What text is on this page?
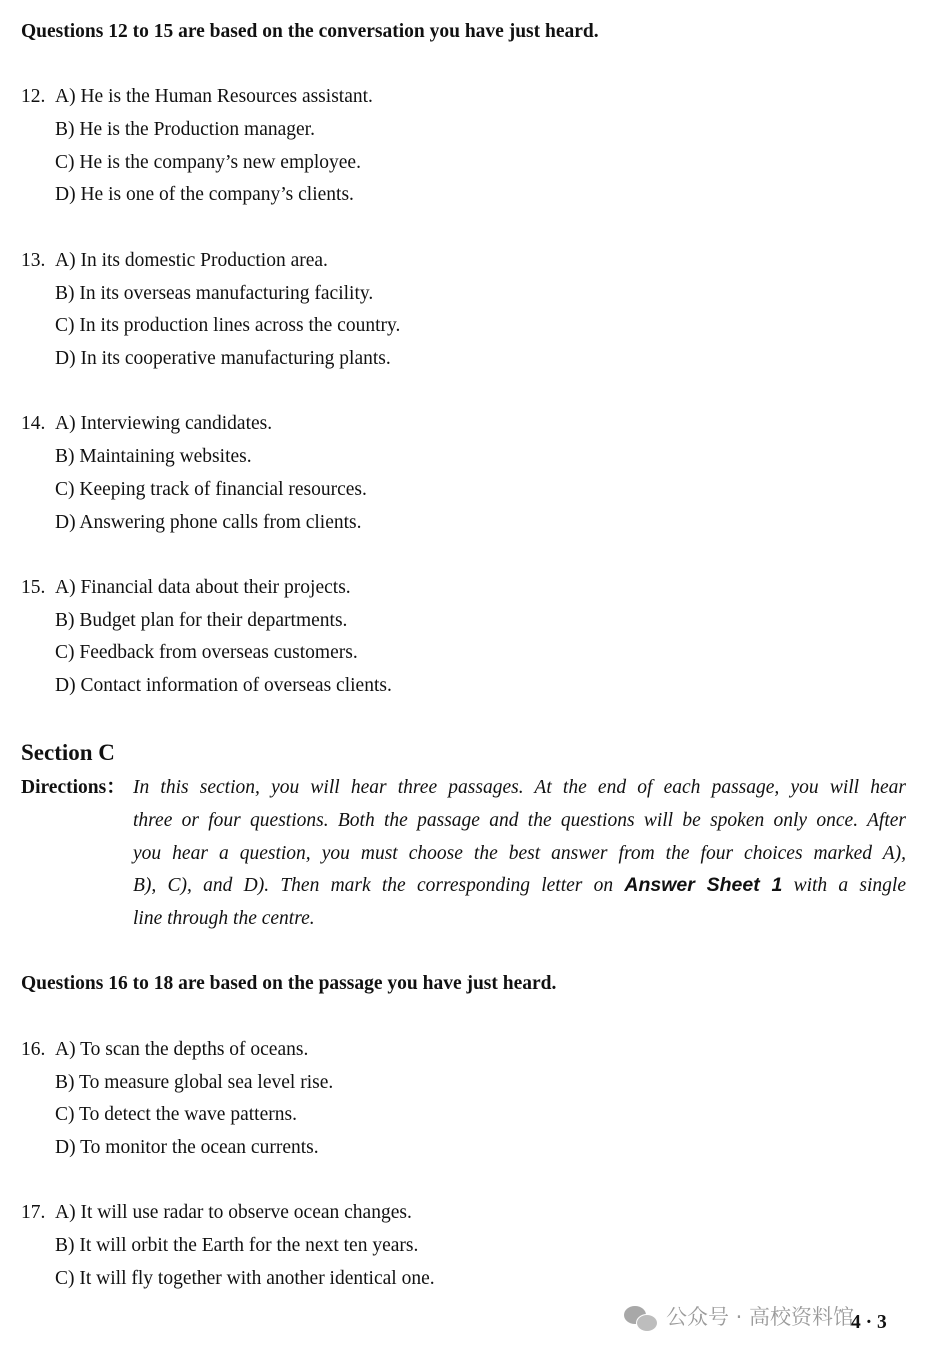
Questions 12 to 15 are based on the conversation you have just heard.
12. A) He is the Human Resources assistant.
B) He is the Production manager.
C) He is the company’s new employee.
D) He is one of the company’s clients.
13. A) In its domestic Production area.
B) In its overseas manufacturing facility.
C) In its production lines across the country.
D) In its cooperative manufacturing plants.
14. A) Interviewing candidates.
B) Maintaining websites.
C) Keeping track of financial resources.
D) Answering phone calls from clients.
15. A) Financial data about their projects.
B) Budget plan for their departments.
C) Feedback from overseas customers.
D) Contact information of overseas clients.
Section C
Directions： In this section, you will hear three passages. At the end of each passage, you will hear
three or four questions. Both the passage and the questions will be spoken only once. After
you hear a question, you must choose the best answer from the four choices marked A),
B), C), and D). Then mark the corresponding letter on Answer Sheet 1 with a single
line through the centre.
Questions 16 to 18 are based on the passage you have just heard.
16. A) To scan the depths of oceans.
B) To measure global sea level rise.
C) To detect the wave patterns.
D) To monitor the ocean currents.
17. A) It will use radar to observe ocean changes.
B) It will orbit the Earth for the next ten years.
C) It will fly together with another identical one.
公众号 · 高校资料馆
4 · 3
